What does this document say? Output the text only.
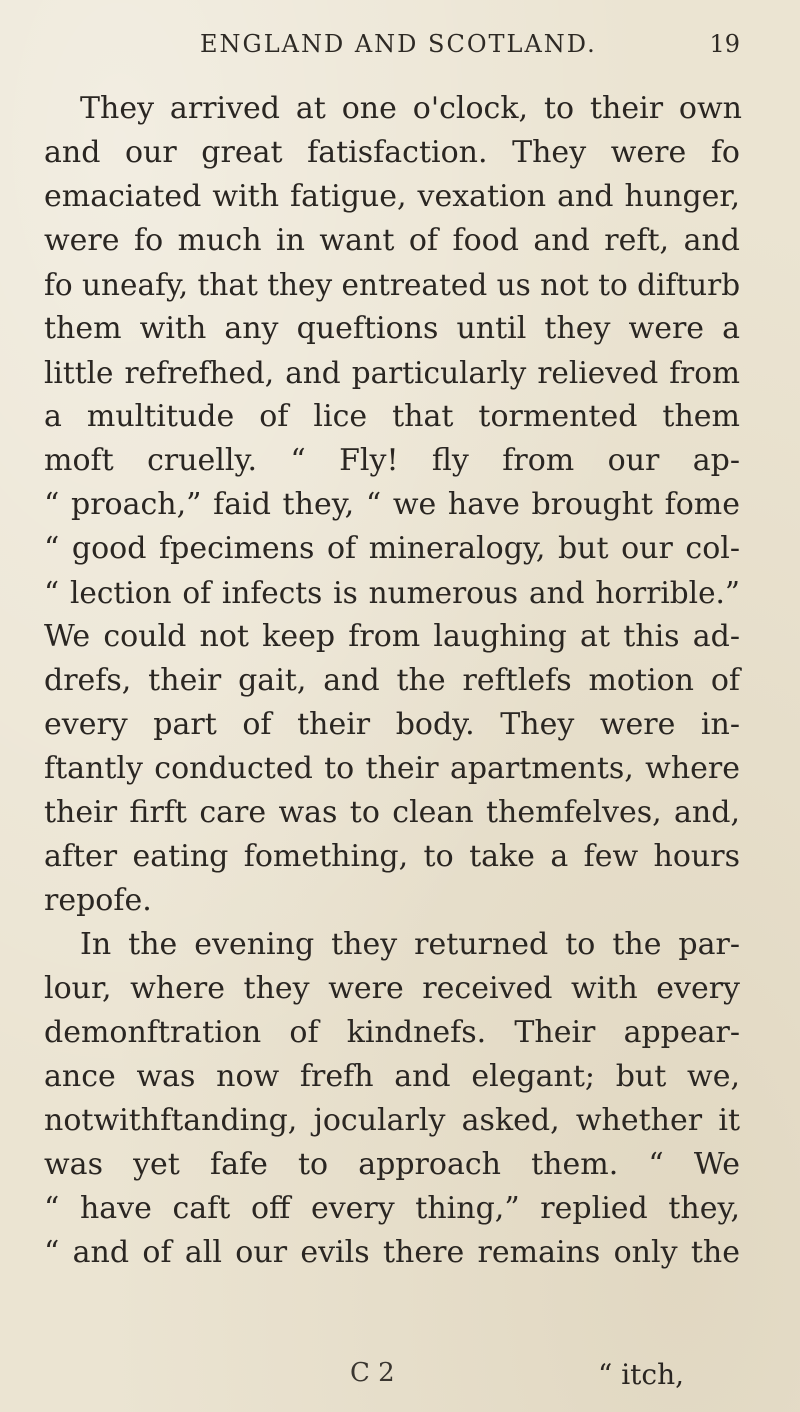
ENGLAND AND SCOTLAND.	19
They arrived at one o'clock, to their own
and our great fatisfaction. They were fo
emaciated with fatigue, vexation and hunger,
were fo much in want of food and reft, and
fo uneafy, that they entreated us not to difturb
them with any queftions until they were a
little refrefhed, and particularly relieved from
a multitude of lice that tormented them
moft cruelly. “ Fly! fly from our ap-
“ proach,” faid they, “ we have brought fome
“ good fpecimens of mineralogy, but our col-
“ lection of infects is numerous and horrible.”
We could not keep from laughing at this ad-
drefs, their gait, and the reftlefs motion of
every part of their body. They were in-
ftantly conducted to their apartments, where
their firft care was to clean themfelves, and,
after eating fomething, to take a few hours
repofe.
In the evening they returned to the par-
lour, where they were received with every
demonftration of kindnefs. Their appear-
ance was now frefh and elegant; but we,
notwithftanding, jocularly asked, whether it
was yet fafe to approach them. “ We
“ have caft off every thing,” replied they,
“ and of all our evils there remains only the
C 2	“ itch,
